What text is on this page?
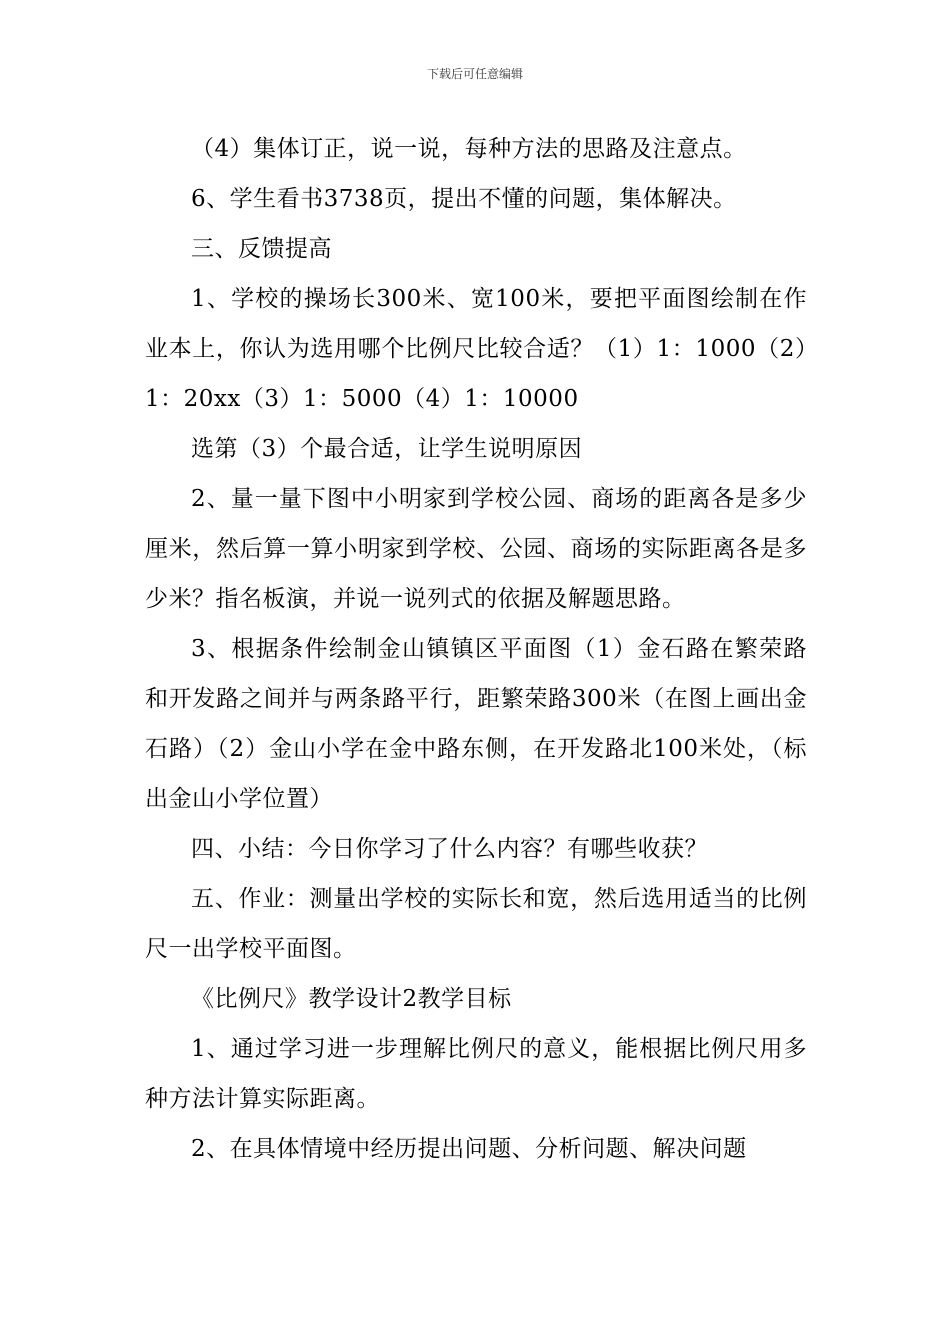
下载后可任意编辑

（4）集体订正，说一说，每种方法的思路及注意点。

6、学生看书3738页，提出不懂的问题，集体解决。

三、反馈提高

1、学校的操场长300米、宽100米，要把平面图绘制在作业本上，你认为选用哪个比例尺比较合适？（1）1：1000（2）1：20xx（3）1：5000（4）1：10000

选第（3）个最合适，让学生说明原因

2、量一量下图中小明家到学校公园、商场的距离各是多少厘米，然后算一算小明家到学校、公园、商场的实际距离各是多少米？指名板演，并说一说列式的依据及解题思路。

3、根据条件绘制金山镇镇区平面图（1）金石路在繁荣路和开发路之间并与两条路平行，距繁荣路300米（在图上画出金石路）（2）金山小学在金中路东侧，在开发路北100米处，（标出金山小学位置）

四、小结：今日你学习了什么内容？有哪些收获？

五、作业：测量出学校的实际长和宽，然后选用适当的比例尺一出学校平面图。

《比例尺》教学设计2教学目标

1、通过学习进一步理解比例尺的意义，能根据比例尺用多种方法计算实际距离。

2、在具体情境中经历提出问题、分析问题、解决问题
